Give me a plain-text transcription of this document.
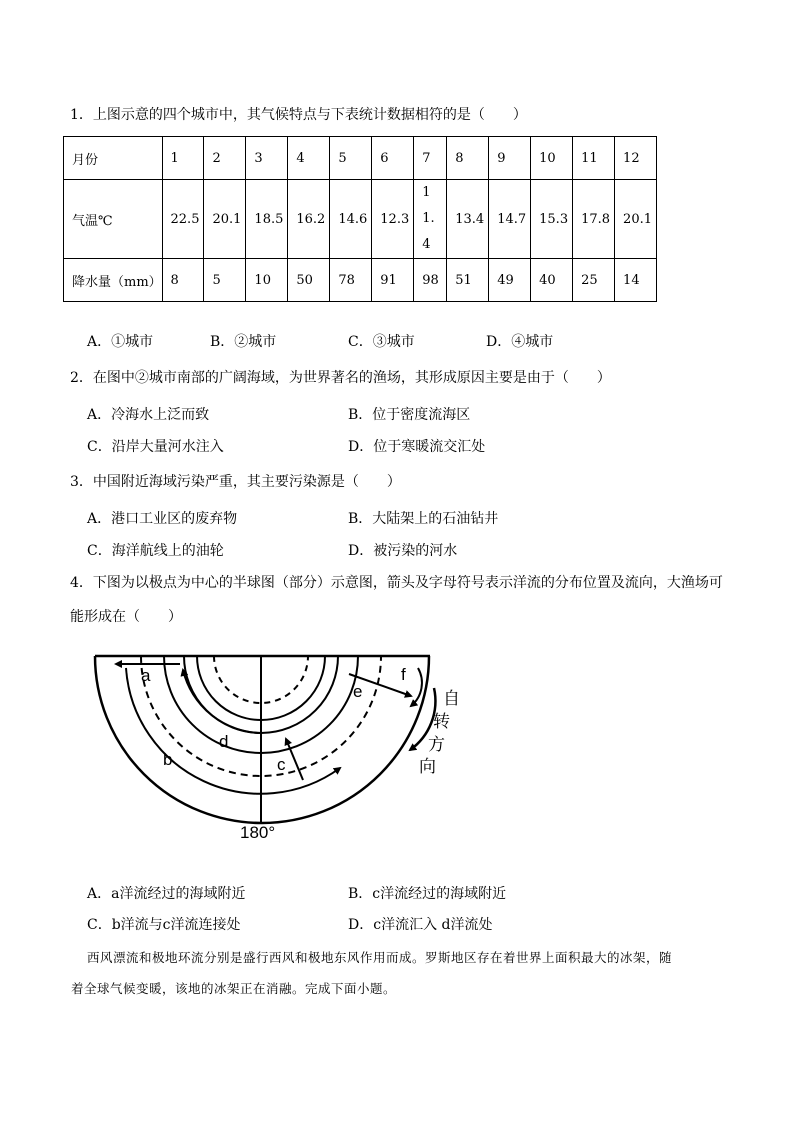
1．上图示意的四个城市中，其气候特点与下表统计数据相符的是（　　）
月份	1	2	3	4	5	6	7	8	9	10	11	12
气温℃	22.5	20.1	18.5	16.2	14.6	12.3	11.4	13.4	14.7	15.3	17.8	20.1
降水量（mm）	8	5	10	50	78	91	98	51	49	40	25	14
A．①城市	B．②城市	C．③城市	D．④城市
2．在图中②城市南部的广阔海域，为世界著名的渔场，其形成原因主要是由于（　　）
A．冷海水上泛而致	B．位于密度流海区
C．沿岸大量河水注入	D．位于寒暖流交汇处
3．中国附近海域污染严重，其主要污染源是（　　）
A．港口工业区的废弃物	B．大陆架上的石油钻井
C．海洋航线上的油轮	D．被污染的河水
4．下图为以极点为中心的半球图（部分）示意图，箭头及字母符号表示洋流的分布位置及流向，大渔场可
能形成在（　　）
a
b	c
d
e
f
180°
自
转
方
向
A．a洋流经过的海域附近	B．c洋流经过的海域附近
C．b洋流与c洋流连接处	D．c洋流汇入 d洋流处
西风漂流和极地环流分别是盛行西风和极地东风作用而成。罗斯地区存在着世界上面积最大的冰架，随
着全球气候变暖，该地的冰架正在消融。完成下面小题。
